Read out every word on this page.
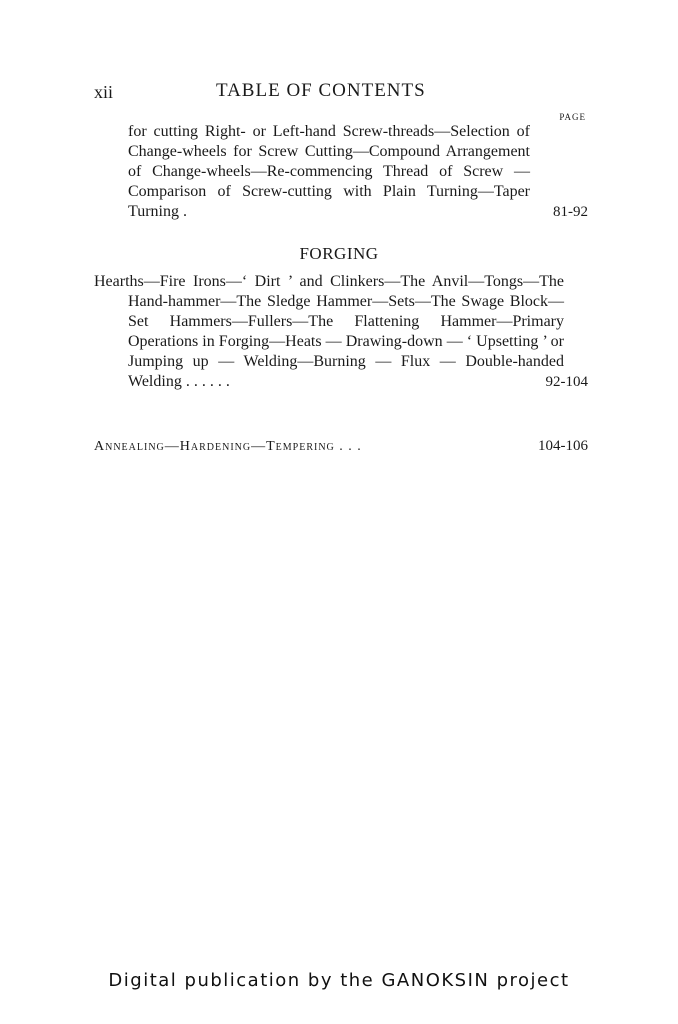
xii	TABLE OF CONTENTS
PAGE
for cutting Right- or Left-hand Screw-threads—Selection of Change-wheels for Screw Cutting—Compound Arrangement of Change-wheels—Re-commencing Thread of Screw — Comparison of Screw-cutting with Plain Turning—Taper Turning .	81-92
FORGING
Hearths—Fire Irons—‘ Dirt ’ and Clinkers—The Anvil—Tongs—The Hand-hammer—The Sledge Hammer—Sets—The Swage Block—Set Hammers—Fullers—The Flattening Hammer—Primary Operations in Forging—Heats — Drawing-down — ‘ Upsetting ’ or Jumping up — Welding—Burning — Flux — Double-handed Welding . . . . . .	92-104
Annealing—Hardening—Tempering . . .	104-106
Digital publication by the GANOKSIN project
